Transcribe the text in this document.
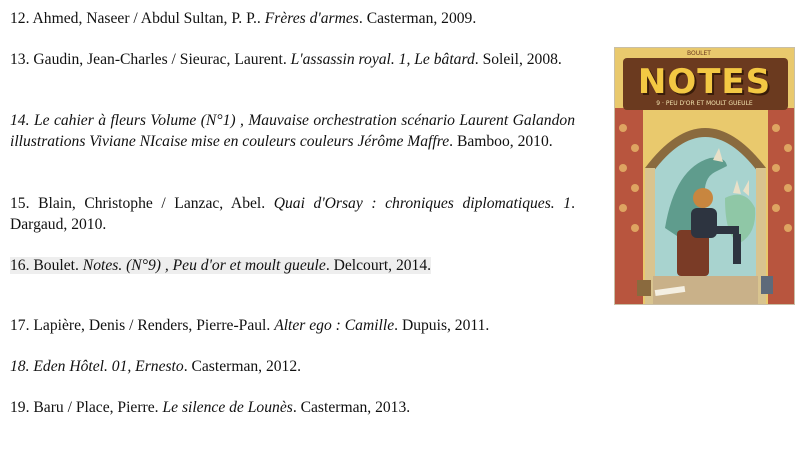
12. Ahmed, Naseer / Abdul Sultan, P. P.. Frères d'armes. Casterman, 2009.
13. Gaudin, Jean-Charles / Sieurac, Laurent. L'assassin royal. 1, Le bâtard. Soleil, 2008.
14. Le cahier à fleurs Volume (N°1) , Mauvaise orchestration scénario Laurent Galandon illustrations Viviane NIcaise mise en couleurs couleurs Jérôme Maffre. Bamboo, 2010.
15. Blain, Christophe / Lanzac, Abel. Quai d'Orsay : chroniques diplomatiques. 1. Dargaud, 2010.
16. Boulet. Notes. (N°9) , Peu d'or et moult gueule. Delcourt, 2014.
17. Lapière, Denis / Renders, Pierre-Paul. Alter ego : Camille. Dupuis, 2011.
18. Eden Hôtel. 01, Ernesto. Casterman, 2012.
19. Baru / Place, Pierre. Le silence de Lounès. Casterman, 2013.
NOTES
9 · PEU D'OR ET MOULT GUEULE
BOULET
